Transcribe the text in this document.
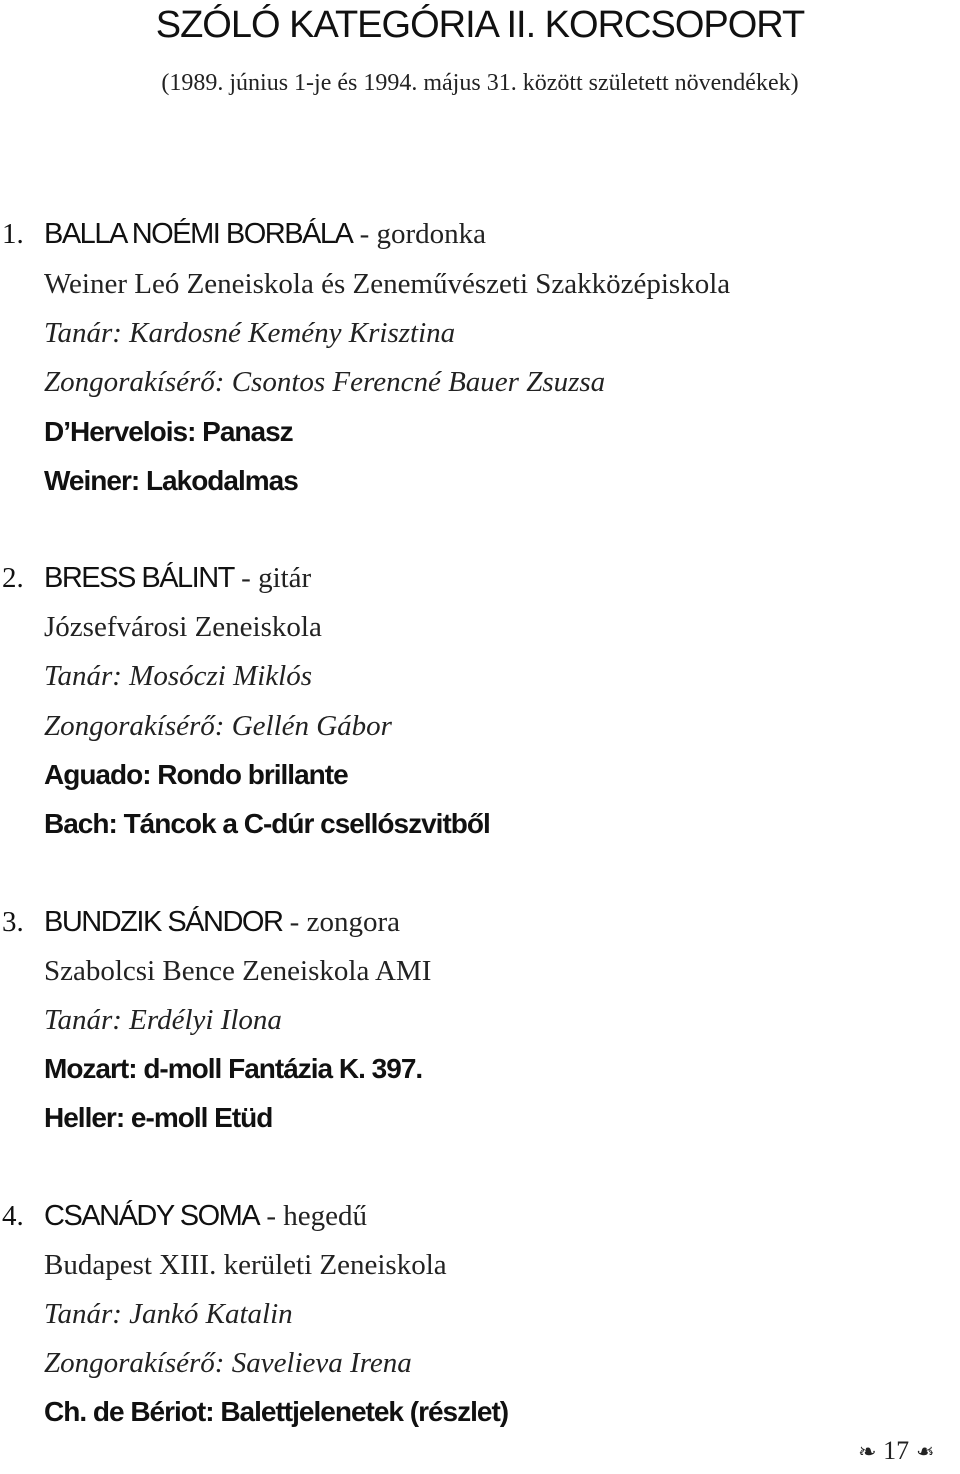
SZÓLÓ KATEGÓRIA II. KORCSOPORT
(1989. június 1-je és 1994. május 31. között született növendékek)
1. BALLA NOÉMI BORBÁLA - gordonka
Weiner Leó Zeneiskola és Zeneművészeti Szakközépiskola
Tanár: Kardosné Kemény Krisztina
Zongorakísérő: Csontos Ferencné Bauer Zsuzsa
D’Hervelois: Panasz
Weiner: Lakodalmas
2. BRESS BÁLINT - gitár
Józsefvárosi Zeneiskola
Tanár: Mosóczi Miklós
Zongorakísérő: Gellén Gábor
Aguado: Rondo brillante
Bach: Táncok a C-dúr csellószvitből
3. BUNDZIK SÁNDOR - zongora
Szabolcsi Bence Zeneiskola AMI
Tanár: Erdélyi Ilona
Mozart: d-moll Fantázia K. 397.
Heller: e-moll Etüd
4. CSANÁDY SOMA - hegedű
Budapest XIII. kerületi Zeneiskola
Tanár: Jankó Katalin
Zongorakísérő: Savelieva Irena
Ch. de Bériot: Balettjelenetek (részlet)
❧ 17 ❧
